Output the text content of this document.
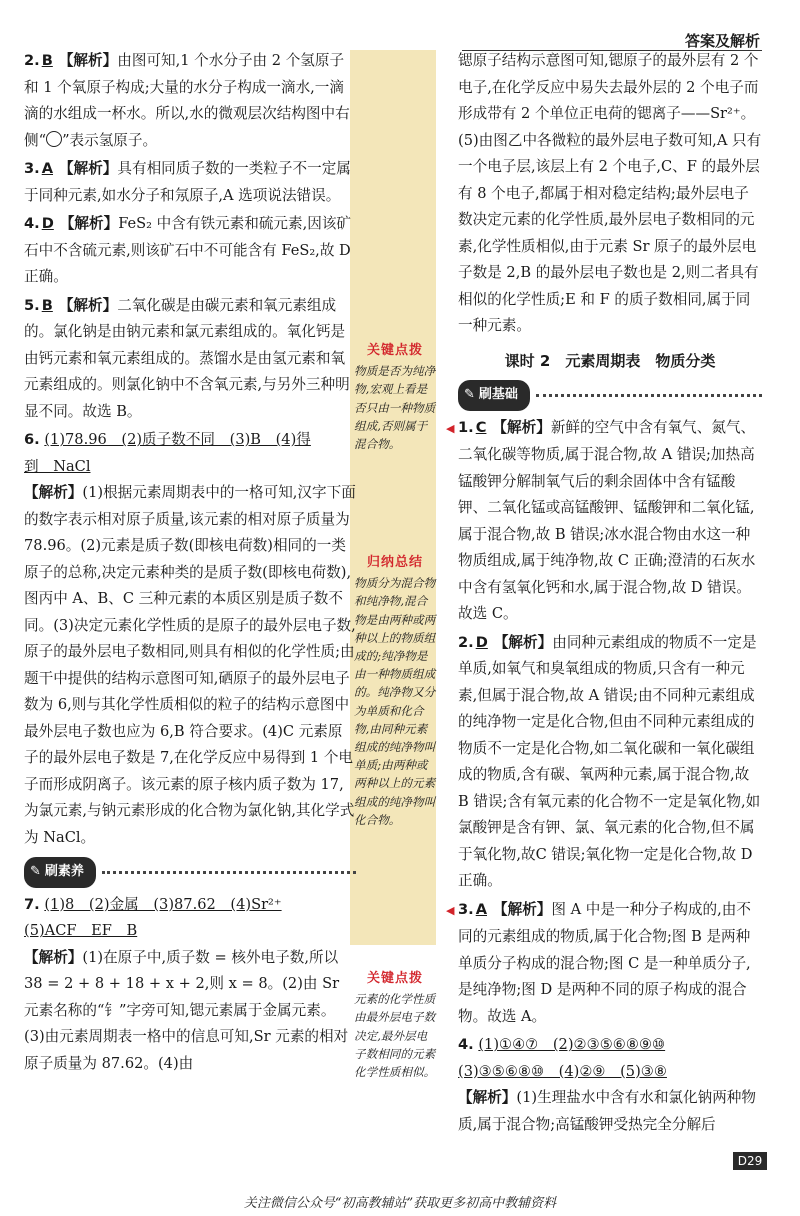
答案及解析
2. B 【解析】由图可知,1 个水分子由 2 个氢原子和 1 个氧原子构成;大量的水分子构成一滴水,一滴滴的水组成一杯水。所以,水的微观层次结构图中右侧“ ”表示氢原子。
3. A 【解析】具有相同质子数的一类粒子不一定属于同种元素,如水分子和氖原子,A 选项说法错误。
4. D 【解析】FeS₂ 中含有铁元素和硫元素,因该矿石中不含硫元素,则该矿石中不可能含有 FeS₂,故 D 正确。
5. B 【解析】二氧化碳是由碳元素和氧元素组成的。氯化钠是由钠元素和氯元素组成的。氧化钙是由钙元素和氧元素组成的。蒸馏水是由氢元素和氧元素组成的。则氯化钠中不含氧元素,与另外三种明显不同。故选 B。
6. (1)78.96　(2)质子数不同　(3)B　(4)得
到　NaCl
【解析】(1)根据元素周期表中的一格可知,汉字下面的数字表示相对原子质量,该元素的相对原子质量为 78.96。(2)元素是质子数(即核电荷数)相同的一类原子的总称,决定元素种类的是质子数(即核电荷数),图丙中 A、B、C 三种元素的本质区别是质子数不同。(3)决定元素化学性质的是原子的最外层电子数,原子的最外层电子数相同,则具有相似的化学性质;由题干中提供的结构示意图可知,硒原子的最外层电子数为 6,则与其化学性质相似的粒子的结构示意图中最外层电子数也应为 6,B 符合要求。(4)C 元素原子的最外层电子数是 7,在化学反应中易得到 1 个电子而形成阴离子。该元素的原子核内质子数为 17,为氯元素,与钠元素形成的化合物为氯化钠,其化学式为 NaCl。
✎ 刷素养
7. (1)8　(2)金属　(3)87.62　(4)Sr²⁺
(5)ACF　EF　B
【解析】(1)在原子中,质子数 = 核外电子数,所以 38 = 2 + 8 + 18 + x + 2,则 x = 8。(2)由 Sr 元素名称的“钅”字旁可知,锶元素属于金属元素。(3)由元素周期表一格中的信息可知,Sr 元素的相对原子质量为 87.62。(4)由
关键点拨
物质是否为纯净物,宏观上看是否只由一种物质组成,否则属于混合物。
归纳总结
物质分为混合物和纯净物,混合物是由两种或两种以上的物质组成的;纯净物是由一种物质组成的。纯净物又分为单质和化合物,由同种元素组成的纯净物叫单质;由两种或两种以上的元素组成的纯净物叫化合物。
关键点拨
元素的化学性质由最外层电子数决定,最外层电子数相同的元素化学性质相似。
锶原子结构示意图可知,锶原子的最外层有 2 个电子,在化学反应中易失去最外层的 2 个电子而形成带有 2 个单位正电荷的锶离子——Sr²⁺。(5)由图乙中各微粒的最外层电子数可知,A 只有一个电子层,该层上有 2 个电子,C、F 的最外层有 8 个电子,都属于相对稳定结构;最外层电子数决定元素的化学性质,最外层电子数相同的元素,化学性质相似,由于元素 Sr 原子的最外层电子数是 2,B 的最外层电子数也是 2,则二者具有相似的化学性质;E 和 F 的质子数相同,属于同一种元素。
课时 2　元素周期表　物质分类
✎ 刷基础
◀ 1. C 【解析】新鲜的空气中含有氧气、氮气、二氧化碳等物质,属于混合物,故 A 错误;加热高锰酸钾分解制氧气后的剩余固体中含有锰酸钾、二氧化锰或高锰酸钾、锰酸钾和二氧化锰,属于混合物,故 B 错误;冰水混合物由水这一种物质组成,属于纯净物,故 C 正确;澄清的石灰水中含有氢氧化钙和水,属于混合物,故 D 错误。故选 C。
2. D 【解析】由同种元素组成的物质不一定是单质,如氧气和臭氧组成的物质,只含有一种元素,但属于混合物,故 A 错误;由不同种元素组成的纯净物一定是化合物,但由不同种元素组成的物质不一定是化合物,如二氧化碳和一氧化碳组成的物质,含有碳、氧两种元素,属于混合物,故 B 错误;含有氧元素的化合物不一定是氧化物,如氯酸钾是含有钾、氯、氧元素的化合物,但不属于氧化物,故C 错误;氧化物一定是化合物,故 D 正确。
◀ 3. A 【解析】图 A 中是一种分子构成的,由不同的元素组成的物质,属于化合物;图 B 是两种单质分子构成的混合物;图 C 是一种单质分子,是纯净物;图 D 是两种不同的原子构成的混合物。故选 A。
4. (1)①④⑦　(2)②③⑤⑥⑧⑨⑩
(3)③⑤⑥⑧⑩　(4)②⑨　(5)③⑧
【解析】(1)生理盐水中含有水和氯化钠两种物质,属于混合物;高锰酸钾受热完全分解后
D29
关注微信公众号“初高教辅站”获取更多初高中教辅资料
